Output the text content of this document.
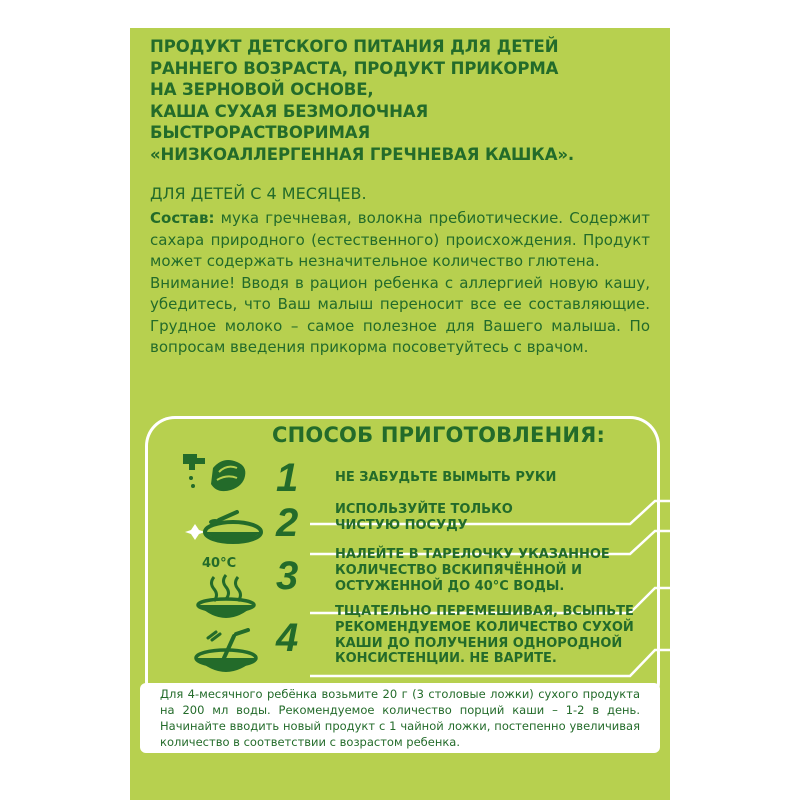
ПРОДУКТ ДЕТСКОГО ПИТАНИЯ ДЛЯ ДЕТЕЙ
РАННЕГО ВОЗРАСТА, ПРОДУКТ ПРИКОРМА
НА ЗЕРНОВОЙ ОСНОВЕ,
КАША СУХАЯ БЕЗМОЛОЧНАЯ
БЫСТРОРАСТВОРИМАЯ
«НИЗКОАЛЛЕРГЕННАЯ ГРЕЧНЕВАЯ КАШКА».
ДЛЯ ДЕТЕЙ С 4 МЕСЯЦЕВ.

Состав: мука гречневая, волокна пребиотические. Содержит сахара природного (естественного) происхождения. Продукт может содержать незначительное количество глютена.

Внимание! Вводя в рацион ребенка с аллергией новую кашу, убедитесь, что Ваш малыш переносит все ее составляющие. Грудное молоко – самое полезное для Вашего малыша. По вопросам введения прикорма посоветуйтесь с врачом.

СПОСОБ ПРИГОТОВЛЕНИЯ:
40°C
1	НЕ ЗАБУДЬТЕ ВЫМЫТЬ РУКИ
2	ИСПОЛЬЗУЙТЕ ТОЛЬКО
ЧИСТУЮ ПОСУДУ
3	НАЛЕЙТЕ В ТАРЕЛОЧКУ УКАЗАННОЕ
КОЛИЧЕСТВО ВСКИПЯЧЁННОЙ И
ОСТУЖЕННОЙ ДО 40°С ВОДЫ.
4
ТЩАТЕЛЬНО ПЕРЕМЕШИВАЯ, ВСЫПЬТЕ
РЕКОМЕНДУЕМОЕ КОЛИЧЕСТВО СУХОЙ
КАШИ ДО ПОЛУЧЕНИЯ ОДНОРОДНОЙ
КОНСИСТЕНЦИИ. НЕ ВАРИТЕ.
Для 4-месячного ребёнка возьмите 20 г (3 столовые ложки) сухого продукта на 200 мл воды. Рекомендуемое количество порций каши – 1-2 в день. Начинайте вводить новый продукт с 1 чайной ложки, постепенно увеличивая количество в соответствии с возрастом ребенка.
